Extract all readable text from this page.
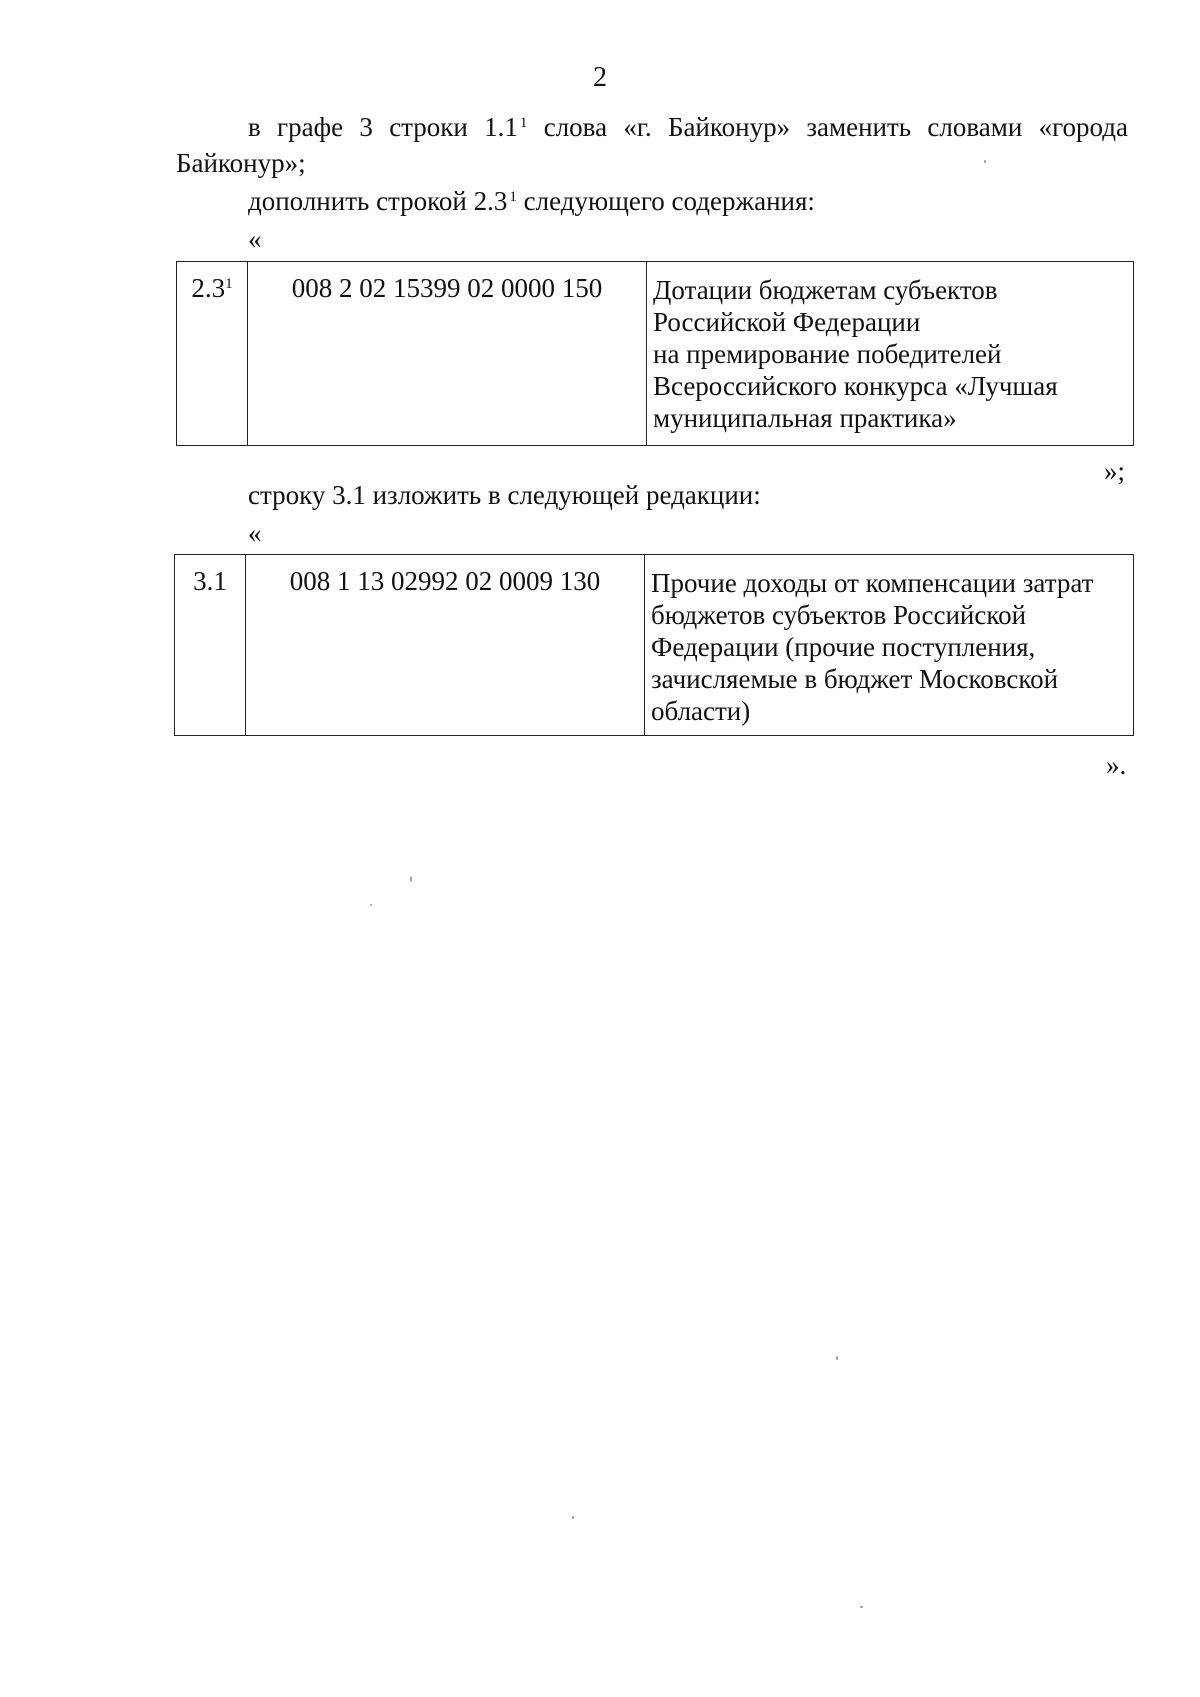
2
в графе 3 строки 1.1 $^1$ слова «г. Байконур» заменить словами «города
Байконур»;
дополнить строкой 2.3 $^1$ следующего содержания:
«
$2.3^1$	008 2 02 15399 02 0000 150	Дотации бюджетам субъектов
Российской Федерации
на премирование победителей
Всероссийского конкурса «Лучшая
муниципальная практика»
»;
строку 3.1 изложить в следующей редакции:
«
3.1	008 1 13 02992 02 0009 130	Прочие доходы от компенсации затрат
бюджетов субъектов Российской
Федерации (прочие поступления,
зачисляемые в бюджет Московской
области)
».
